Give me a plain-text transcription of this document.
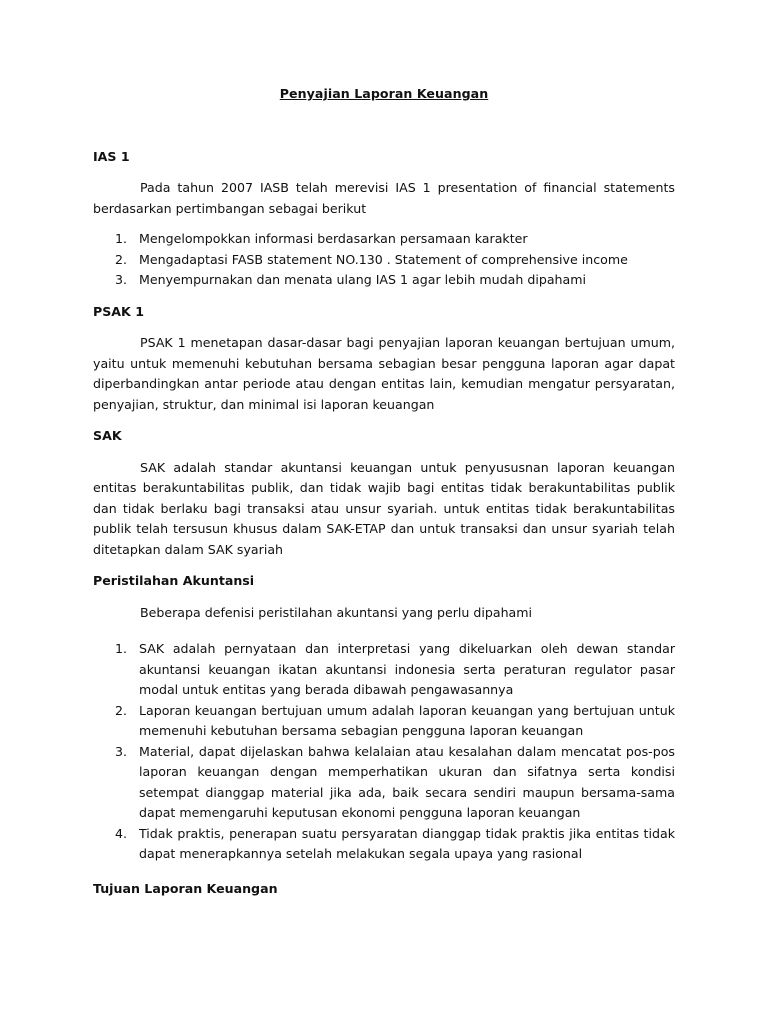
Penyajian Laporan Keuangan
IAS 1
Pada tahun 2007 IASB telah merevisi IAS 1 presentation of financial statements berdasarkan pertimbangan sebagai berikut
1. Mengelompokkan informasi berdasarkan persamaan karakter
2. Mengadaptasi FASB statement NO.130 . Statement of comprehensive income
3. Menyempurnakan dan menata ulang IAS 1 agar lebih mudah dipahami
PSAK 1
PSAK 1 menetapan dasar-dasar bagi penyajian laporan keuangan bertujuan umum, yaitu untuk memenuhi kebutuhan bersama sebagian besar pengguna laporan agar dapat diperbandingkan antar periode atau dengan entitas lain, kemudian mengatur persyaratan, penyajian, struktur, dan minimal isi laporan keuangan
SAK
SAK adalah standar akuntansi keuangan untuk penyususnan laporan keuangan entitas berakuntabilitas publik, dan tidak wajib bagi entitas tidak berakuntabilitas publik dan tidak berlaku bagi transaksi atau unsur syariah. untuk entitas tidak berakuntabilitas publik telah tersusun khusus dalam SAK-ETAP dan untuk transaksi dan unsur syariah telah ditetapkan dalam SAK syariah
Peristilahan Akuntansi
Beberapa defenisi peristilahan akuntansi yang perlu dipahami
1. SAK adalah pernyataan dan interpretasi yang dikeluarkan oleh dewan standar akuntansi keuangan ikatan akuntansi indonesia serta peraturan regulator pasar modal untuk entitas yang berada dibawah pengawasannya
2. Laporan keuangan bertujuan umum adalah laporan keuangan yang bertujuan untuk memenuhi kebutuhan bersama sebagian pengguna laporan keuangan
3. Material, dapat dijelaskan bahwa kelalaian atau kesalahan dalam mencatat pos-pos laporan keuangan dengan memperhatikan ukuran dan sifatnya serta kondisi setempat dianggap material jika ada, baik secara sendiri maupun bersama-sama dapat memengaruhi keputusan ekonomi pengguna laporan keuangan
4. Tidak praktis, penerapan suatu persyaratan dianggap tidak praktis jika entitas tidak dapat menerapkannya setelah melakukan segala upaya yang rasional
Tujuan Laporan Keuangan
